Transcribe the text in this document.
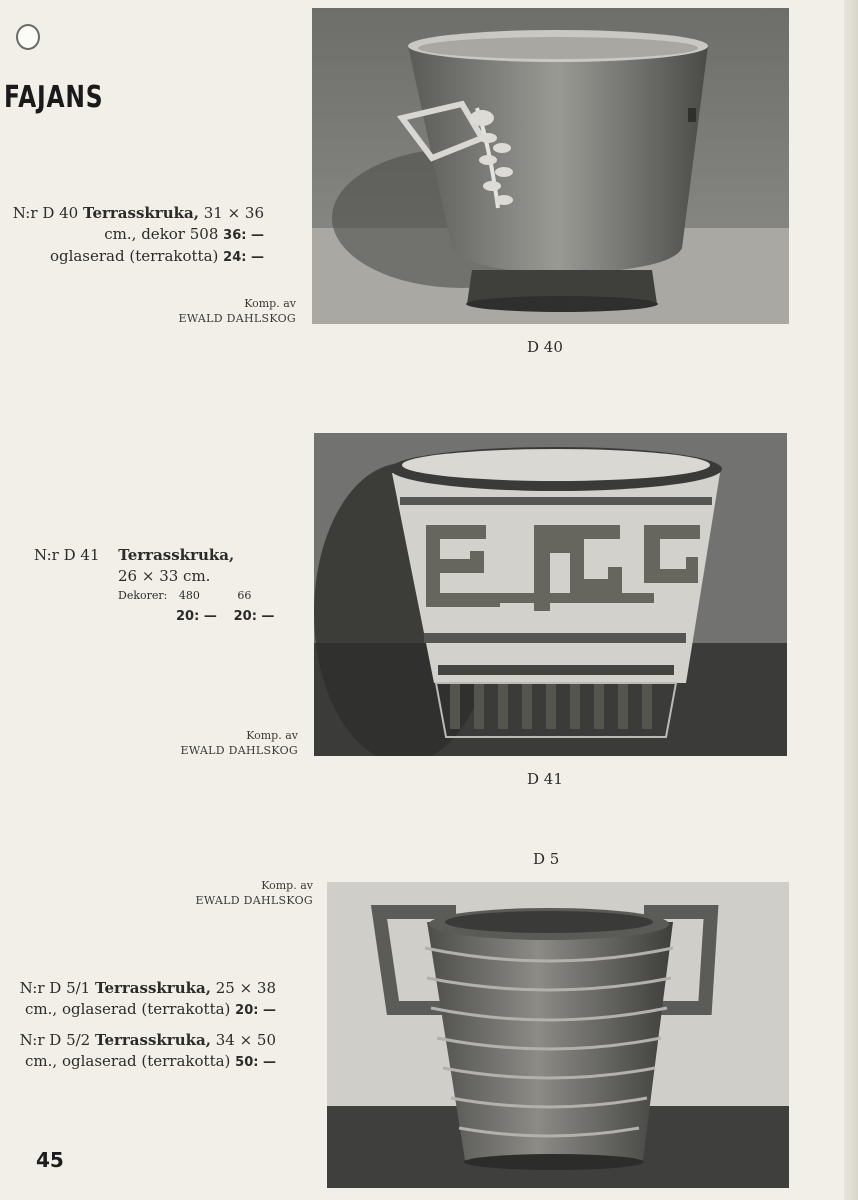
FAJANS
N:r D 40 Terrasskruka, 31 × 36
cm., dekor 508 36: —
oglaserad (terrakotta) 24: —
Komp. av
EWALD DAHLSKOG
D 40
N:r D 41 Terrasskruka,
26 × 33 cm.
Dekorer: 480	66
20: — 20: —
Komp. av
EWALD DAHLSKOG
D 41
D 5
Komp. av
EWALD DAHLSKOG
N:r D 5/1 Terrasskruka, 25 × 38
cm., oglaserad (terrakotta) 20: —
N:r D 5/2 Terrasskruka, 34 × 50
cm., oglaserad (terrakotta) 50: —
45
